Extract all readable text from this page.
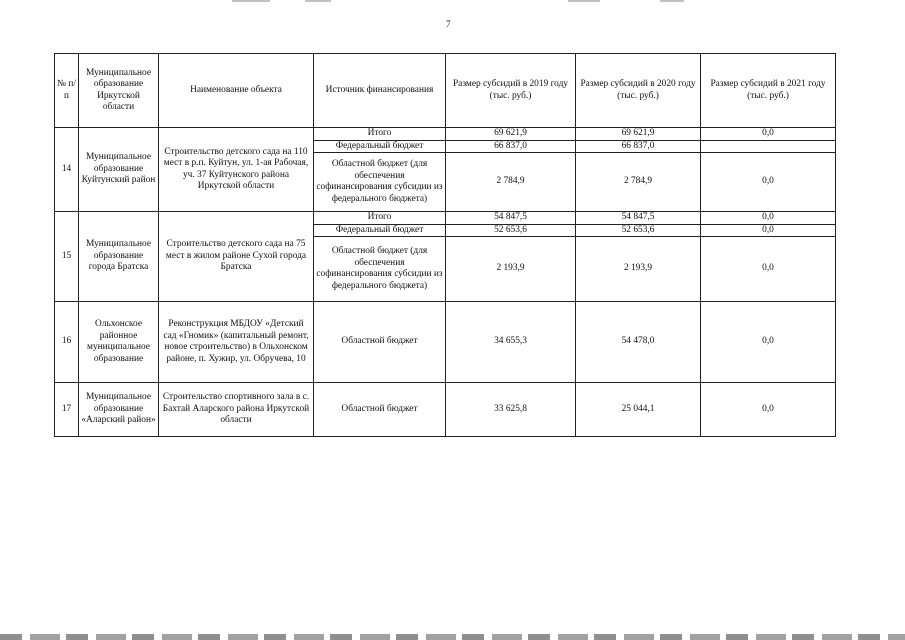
7
№ п/п	Муниципальное образование Иркутской области	Наименование объекта	Источник финансирования	Размер субсидий в 2019 году (тыс. руб.)	Размер субсидий в 2020 году (тыс. руб.)	Размер субсидий в 2021 году (тыс. руб.)
14	Муниципальное образование Куйтунский район	Строительство детского сада на 110 мест в р.п. Куйтун, ул. 1-ая Рабочая, уч. 37 Куйтунского района Иркутской области	Итого	69 621,9	69 621,9	0,0
			Федеральный бюджет	66 837,0	66 837,0	
			Областной бюджет (для обеспечения софинансирования субсидии из федерального бюджета)	2 784,9	2 784,9	0,0
15	Муниципальное образование города Братска	Строительство детского сада на 75 мест в жилом районе Сухой города Братска	Итого	54 847,5	54 847,5	0,0
			Федеральный бюджет	52 653,6	52 653,6	0,0
			Областной бюджет (для обеспечения софинансирования субсидии из федерального бюджета)	2 193,9	2 193,9	0,0
16	Ольхонское районное муниципальное образование	Реконструкция МБДОУ «Детский сад «Гномик» (капитальный ремонт, новое строительство) в Ольхонском районе, п. Хужир, ул. Обручева, 10	Областной бюджет	34 655,3	54 478,0	0,0
17	Муниципальное образование «Аларский район»	Строительство спортивного зала в с. Бахтай Аларского района Иркутской области	Областной бюджет	33 625,8	25 044,1	0,0
